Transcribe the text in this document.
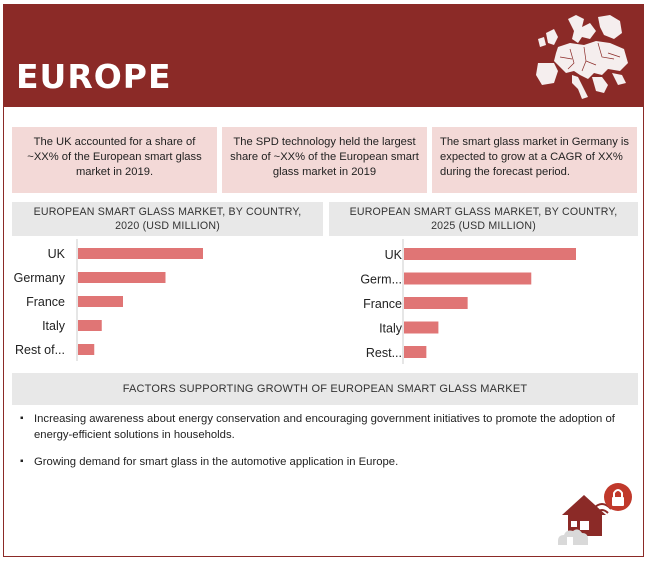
EUROPE
The UK accounted for a share of ~XX% of the European smart glass market in 2019.
The SPD technology held the largest share of ~XX% of the European smart glass market in 2019
The smart glass market in Germany is expected to grow at a CAGR of XX% during the forecast period.
EUROPEAN SMART GLASS MARKET, BY COUNTRY,
2020 (USD MILLION)
EUROPEAN SMART GLASS MARKET, BY COUNTRY,
2025 (USD MILLION)
UK
Germany
France
Italy
Rest of...
UK
Germ...
France
Italy
Rest...
FACTORS SUPPORTING GROWTH OF EUROPEAN SMART GLASS MARKET
▪ Increasing awareness about energy conservation and encouraging government initiatives to promote the adoption of energy-efficient solutions in households.
▪ Growing demand for smart glass in the automotive application in Europe.
